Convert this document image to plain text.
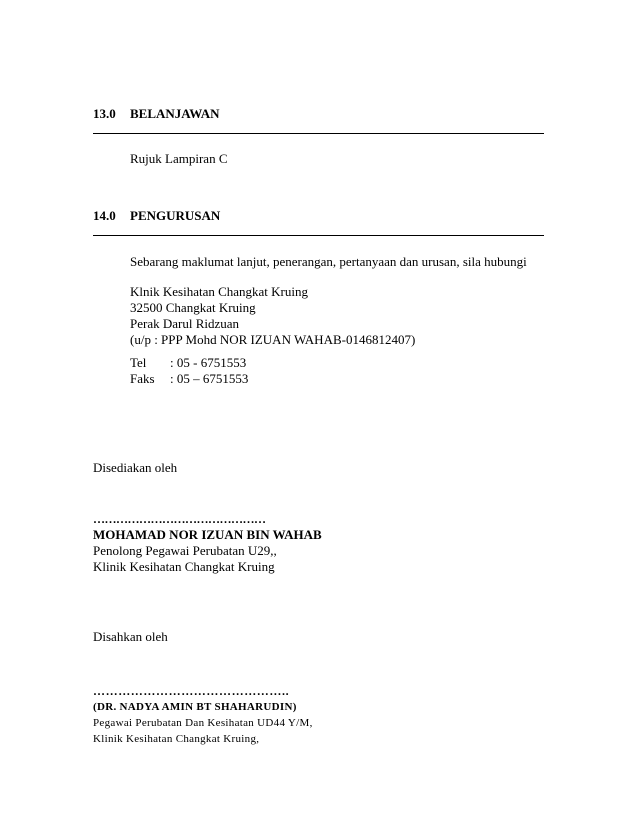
13.0 BELANJAWAN
Rujuk Lampiran C
14.0 PENGURUSAN
Sebarang maklumat lanjut, penerangan, pertanyaan dan urusan, sila hubungi
Klnik Kesihatan Changkat Kruing
32500 Changkat Kruing
Perak Darul Ridzuan
(u/p : PPP Mohd NOR IZUAN WAHAB-0146812407)
Tel : 05 - 6751553
Faks : 05 – 6751553
Disediakan oleh
………………………………………
MOHAMAD NOR IZUAN BIN WAHAB
Penolong Pegawai Perubatan U29,,
Klinik Kesihatan Changkat Kruing
Disahkan oleh
………………………………………..
(DR. NADYA AMIN BT SHAHARUDIN)
Pegawai Perubatan Dan Kesihatan UD44 Y/M,
Klinik Kesihatan Changkat Kruing,
